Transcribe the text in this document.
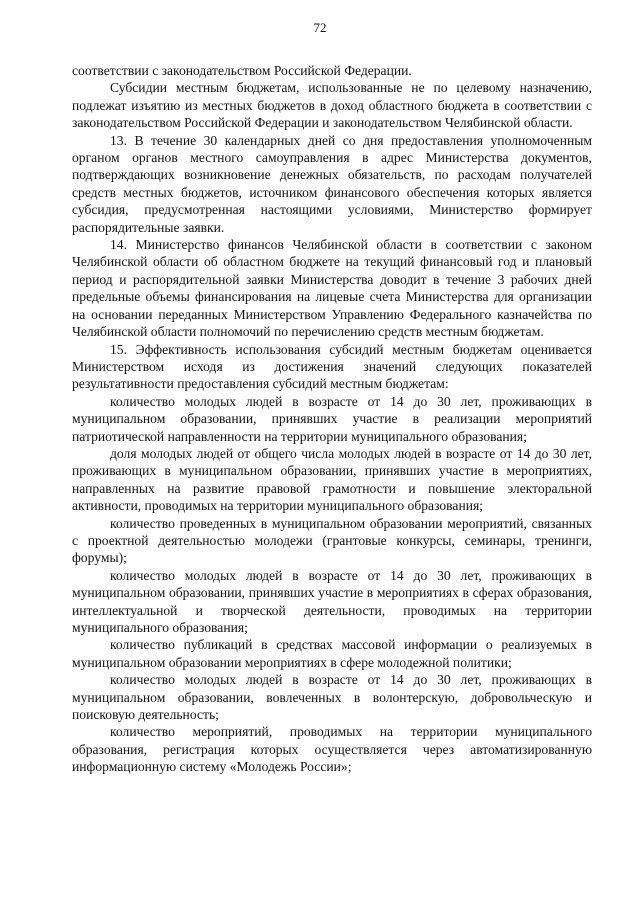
72

соответствии с законодательством Российской Федерации.

Субсидии местным бюджетам, использованные не по целевому назначению, подлежат изъятию из местных бюджетов в доход областного бюджета в соответствии с законодательством Российской Федерации и законодательством Челябинской области.

13. В течение 30 календарных дней со дня предоставления уполномоченным органом органов местного самоуправления в адрес Министерства документов, подтверждающих возникновение денежных обязательств, по расходам получателей средств местных бюджетов, источником финансового обеспечения которых является субсидия, предусмотренная настоящими условиями, Министерство формирует распорядительные заявки.

14. Министерство финансов Челябинской области в соответствии с законом Челябинской области об областном бюджете на текущий финансовый год и плановый период и распорядительной заявки Министерства доводит в течение 3 рабочих дней предельные объемы финансирования на лицевые счета Министерства для организации на основании переданных Министерством Управлению Федерального казначейства по Челябинской области полномочий по перечислению средств местным бюджетам.

15. Эффективность использования субсидий местным бюджетам оценивается Министерством исходя из достижения значений следующих показателей результативности предоставления субсидий местным бюджетам:

количество молодых людей в возрасте от 14 до 30 лет, проживающих в муниципальном образовании, принявших участие в реализации мероприятий патриотической направленности на территории муниципального образования;

доля молодых людей от общего числа молодых людей в возрасте от 14 до 30 лет, проживающих в муниципальном образовании, принявших участие в мероприятиях, направленных на развитие правовой грамотности и повышение электоральной активности, проводимых на территории муниципального образования;

количество проведенных в муниципальном образовании мероприятий, связанных с проектной деятельностью молодежи (грантовые конкурсы, семинары, тренинги, форумы);

количество молодых людей в возрасте от 14 до 30 лет, проживающих в муниципальном образовании, принявших участие в мероприятиях в сферах образования, интеллектуальной и творческой деятельности, проводимых на территории муниципального образования;

количество публикаций в средствах массовой информации о реализуемых в муниципальном образовании мероприятиях в сфере молодежной политики;

количество молодых людей в возрасте от 14 до 30 лет, проживающих в муниципальном образовании, вовлеченных в волонтерскую, добровольческую и поисковую деятельность;

количество мероприятий, проводимых на территории муниципального образования, регистрация которых осуществляется через автоматизированную информационную систему «Молодежь России»;
